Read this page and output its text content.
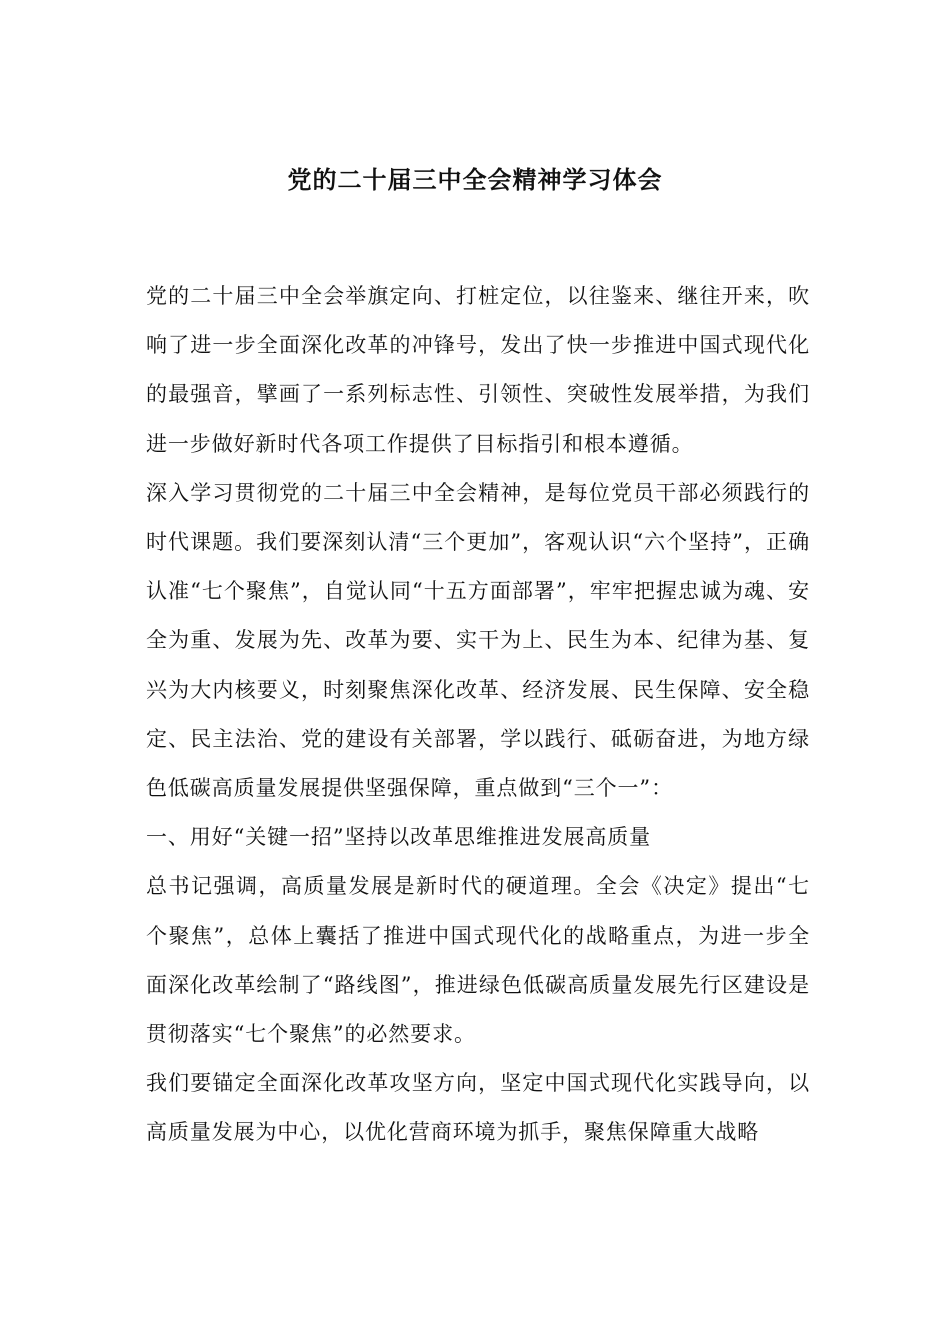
党的二十届三中全会精神学习体会

党的二十届三中全会举旗定向、打桩定位，以往鉴来、继往开来，吹响了进一步全面深化改革的冲锋号，发出了快一步推进中国式现代化的最强音，擘画了一系列标志性、引领性、突破性发展举措，为我们进一步做好新时代各项工作提供了目标指引和根本遵循。

深入学习贯彻党的二十届三中全会精神，是每位党员干部必须践行的时代课题。我们要深刻认清“三个更加”，客观认识“六个坚持”，正确认准“七个聚焦”，自觉认同“十五方面部署”，牢牢把握忠诚为魂、安全为重、发展为先、改革为要、实干为上、民生为本、纪律为基、复兴为大内核要义，时刻聚焦深化改革、经济发展、民生保障、安全稳定、民主法治、党的建设有关部署，学以践行、砥砺奋进，为地方绿色低碳高质量发展提供坚强保障，重点做到“三个一”：

一、用好“关键一招”坚持以改革思维推进发展高质量

总书记强调，高质量发展是新时代的硬道理。全会《决定》提出“七个聚焦”，总体上囊括了推进中国式现代化的战略重点，为进一步全面深化改革绘制了“路线图”，推进绿色低碳高质量发展先行区建设是贯彻落实“七个聚焦”的必然要求。

我们要锚定全面深化改革攻坚方向，坚定中国式现代化实践导向，以高质量发展为中心，以优化营商环境为抓手，聚焦保障重大战略
